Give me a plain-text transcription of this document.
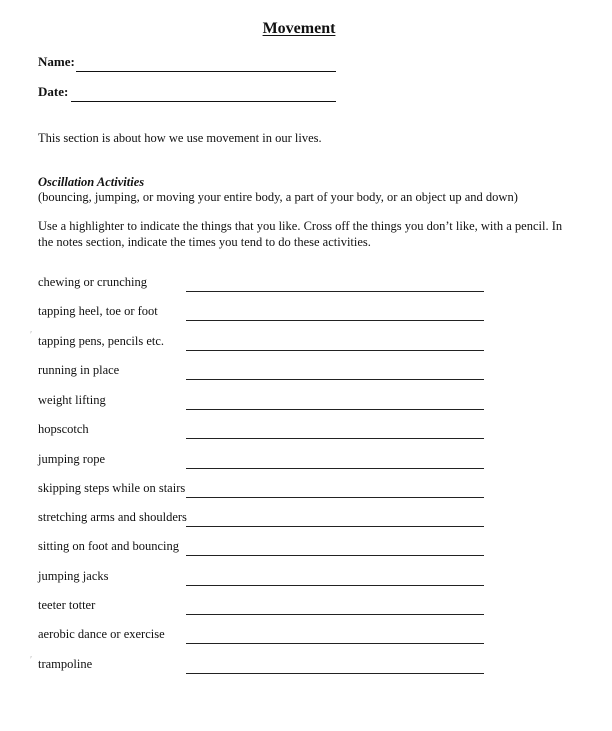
Movement
Name:
Date:
This section is about how we use movement in our lives.
Oscillation Activities
(bouncing, jumping, or moving your entire body, a part of your body, or an object up and down)
Use a highlighter to indicate the things that you like. Cross off the things you don’t like, with a pencil. In the notes section, indicate the times you tend to do these activities.
chewing or crunching
tapping heel, toe or foot
tapping pens, pencils etc.
running in place
weight lifting
hopscotch
jumping rope
skipping steps while on stairs
stretching arms and shoulders
sitting on foot and bouncing
jumping jacks
teeter totter
aerobic dance or exercise
trampoline
′
′
